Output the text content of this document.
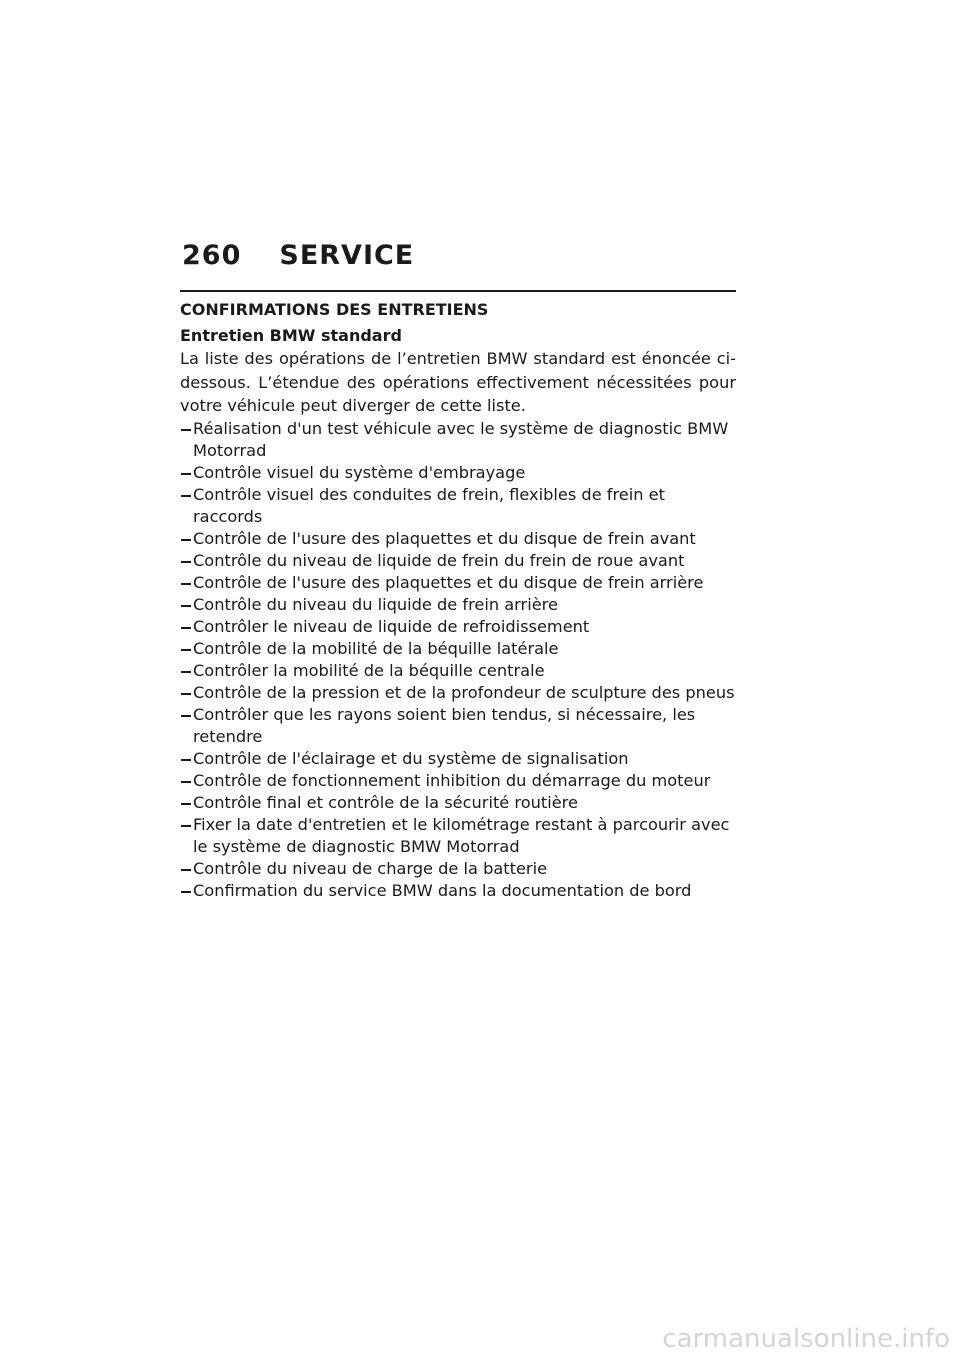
260 SERVICE
CONFIRMATIONS DES ENTRETIENS
Entretien BMW standard
La liste des opérations de l’entretien BMW standard est énoncée ci-dessous. L’étendue des opérations effectivement nécessitées pour votre véhicule peut diverger de cette liste.
Réalisation d'un test véhicule avec le système de diagnostic BMW Motorrad
Contrôle visuel du système d'embrayage
Contrôle visuel des conduites de frein, flexibles de frein et raccords
Contrôle de l'usure des plaquettes et du disque de frein avant
Contrôle du niveau de liquide de frein du frein de roue avant
Contrôle de l'usure des plaquettes et du disque de frein arrière
Contrôle du niveau du liquide de frein arrière
Contrôler le niveau de liquide de refroidissement
Contrôle de la mobilité de la béquille latérale
Contrôler la mobilité de la béquille centrale
Contrôle de la pression et de la profondeur de sculpture des pneus
Contrôler que les rayons soient bien tendus, si nécessaire, les retendre
Contrôle de l'éclairage et du système de signalisation
Contrôle de fonctionnement inhibition du démarrage du moteur
Contrôle final et contrôle de la sécurité routière
Fixer la date d'entretien et le kilométrage restant à parcourir avec le système de diagnostic BMW Motorrad
Contrôle du niveau de charge de la batterie
Confirmation du service BMW dans la documentation de bord
carmanualsonline.info
